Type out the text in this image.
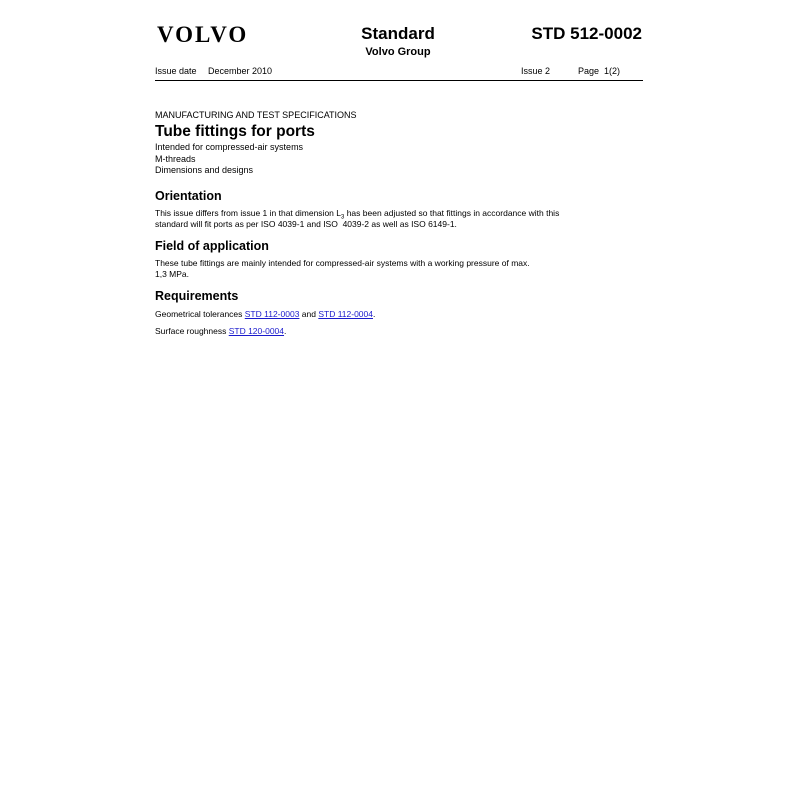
VOLVO	Standard
Volvo Group
STD 512-0002
Issue date December 2010	Issue 2	Page  1(2)

MANUFACTURING AND TEST SPECIFICATIONS

Tube fittings for ports

Intended for compressed-air systems

M-threads

Dimensions and designs

Orientation

This issue differs from issue 1 in that dimension $L_3$ has been adjusted so that fittings in accordance with this

standard will fit ports as per ISO 4039-1 and ISO  4039-2 as well as ISO 6149-1.

Field of application

These tube fittings are mainly intended for compressed-air systems with a working pressure of max.

1,3 MPa.

Requirements

Geometrical tolerances STD 112-0003 and STD 112-0004.

Surface roughness STD 120-0004.
